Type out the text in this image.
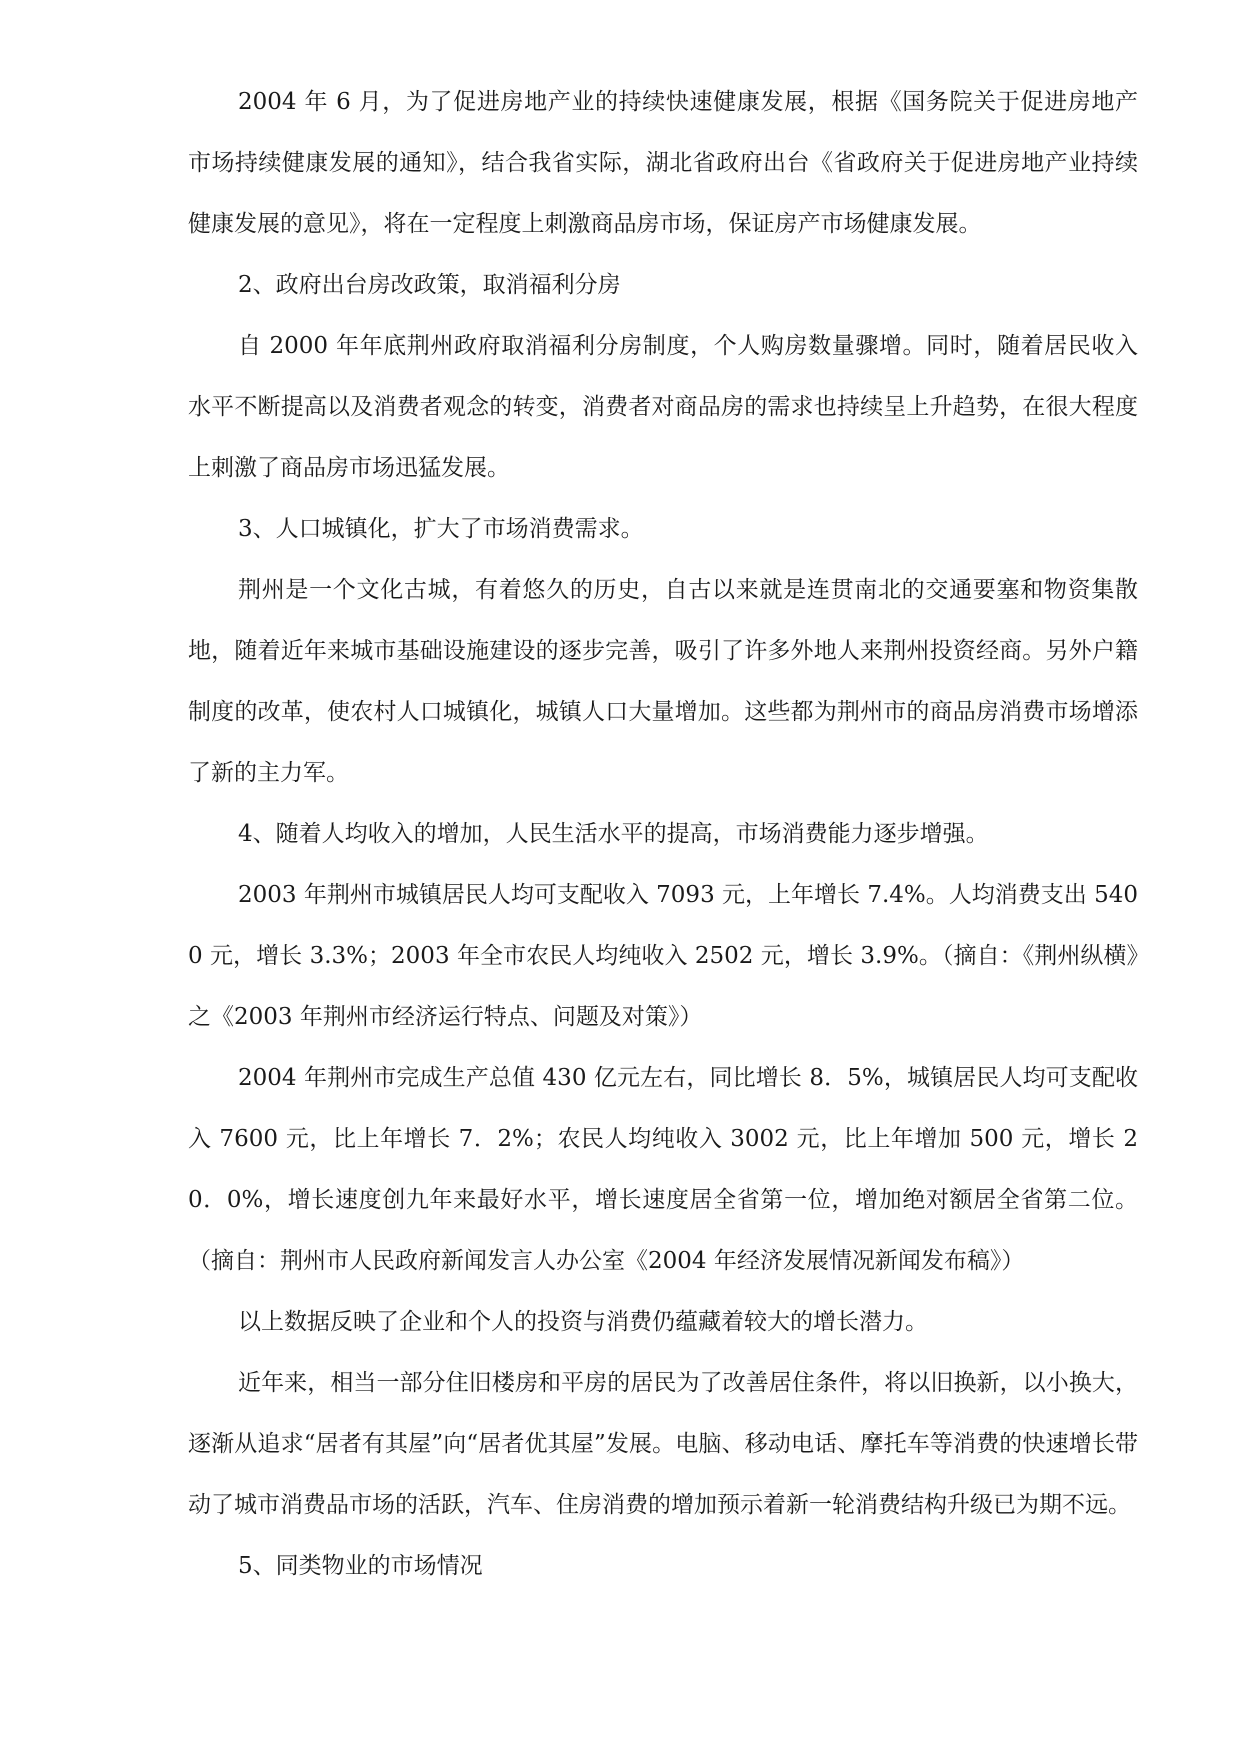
2004 年 6 月，为了促进房地产业的持续快速健康发展，根据《国务院关于促进房地产市场持续健康发展的通知》，结合我省实际，湖北省政府出台《省政府关于促进房地产业持续健康发展的意见》，将在一定程度上刺激商品房市场，保证房产市场健康发展。

2、政府出台房改政策，取消福利分房

自 2000 年年底荆州政府取消福利分房制度，个人购房数量骤增。同时，随着居民收入水平不断提高以及消费者观念的转变，消费者对商品房的需求也持续呈上升趋势，在很大程度上刺激了商品房市场迅猛发展。

3、人口城镇化，扩大了市场消费需求。

荆州是一个文化古城，有着悠久的历史，自古以来就是连贯南北的交通要塞和物资集散地，随着近年来城市基础设施建设的逐步完善，吸引了许多外地人来荆州投资经商。另外户籍制度的改革，使农村人口城镇化，城镇人口大量增加。这些都为荆州市的商品房消费市场增添了新的主力军。

4、随着人均收入的增加，人民生活水平的提高，市场消费能力逐步增强。

2003 年荆州市城镇居民人均可支配收入 7093 元，上年增长 7.4%。人均消费支出 5400 元，增长 3.3%；2003 年全市农民人均纯收入 2502 元，增长 3.9%。（摘自：《荆州纵横》之《2003 年荆州市经济运行特点、问题及对策》）

2004 年荆州市完成生产总值 430 亿元左右，同比增长 8．5%，城镇居民人均可支配收入 7600 元，比上年增长 7．2%；农民人均纯收入 3002 元，比上年增加 500 元，增长 20．0%，增长速度创九年来最好水平，增长速度居全省第一位，增加绝对额居全省第二位。（摘自：荆州市人民政府新闻发言人办公室《2004 年经济发展情况新闻发布稿》）

以上数据反映了企业和个人的投资与消费仍蕴藏着较大的增长潜力。

近年来，相当一部分住旧楼房和平房的居民为了改善居住条件，将以旧换新，以小换大，逐渐从追求“居者有其屋”向“居者优其屋”发展。电脑、移动电话、摩托车等消费的快速增长带动了城市消费品市场的活跃，汽车、住房消费的增加预示着新一轮消费结构升级已为期不远。

5、同类物业的市场情况
